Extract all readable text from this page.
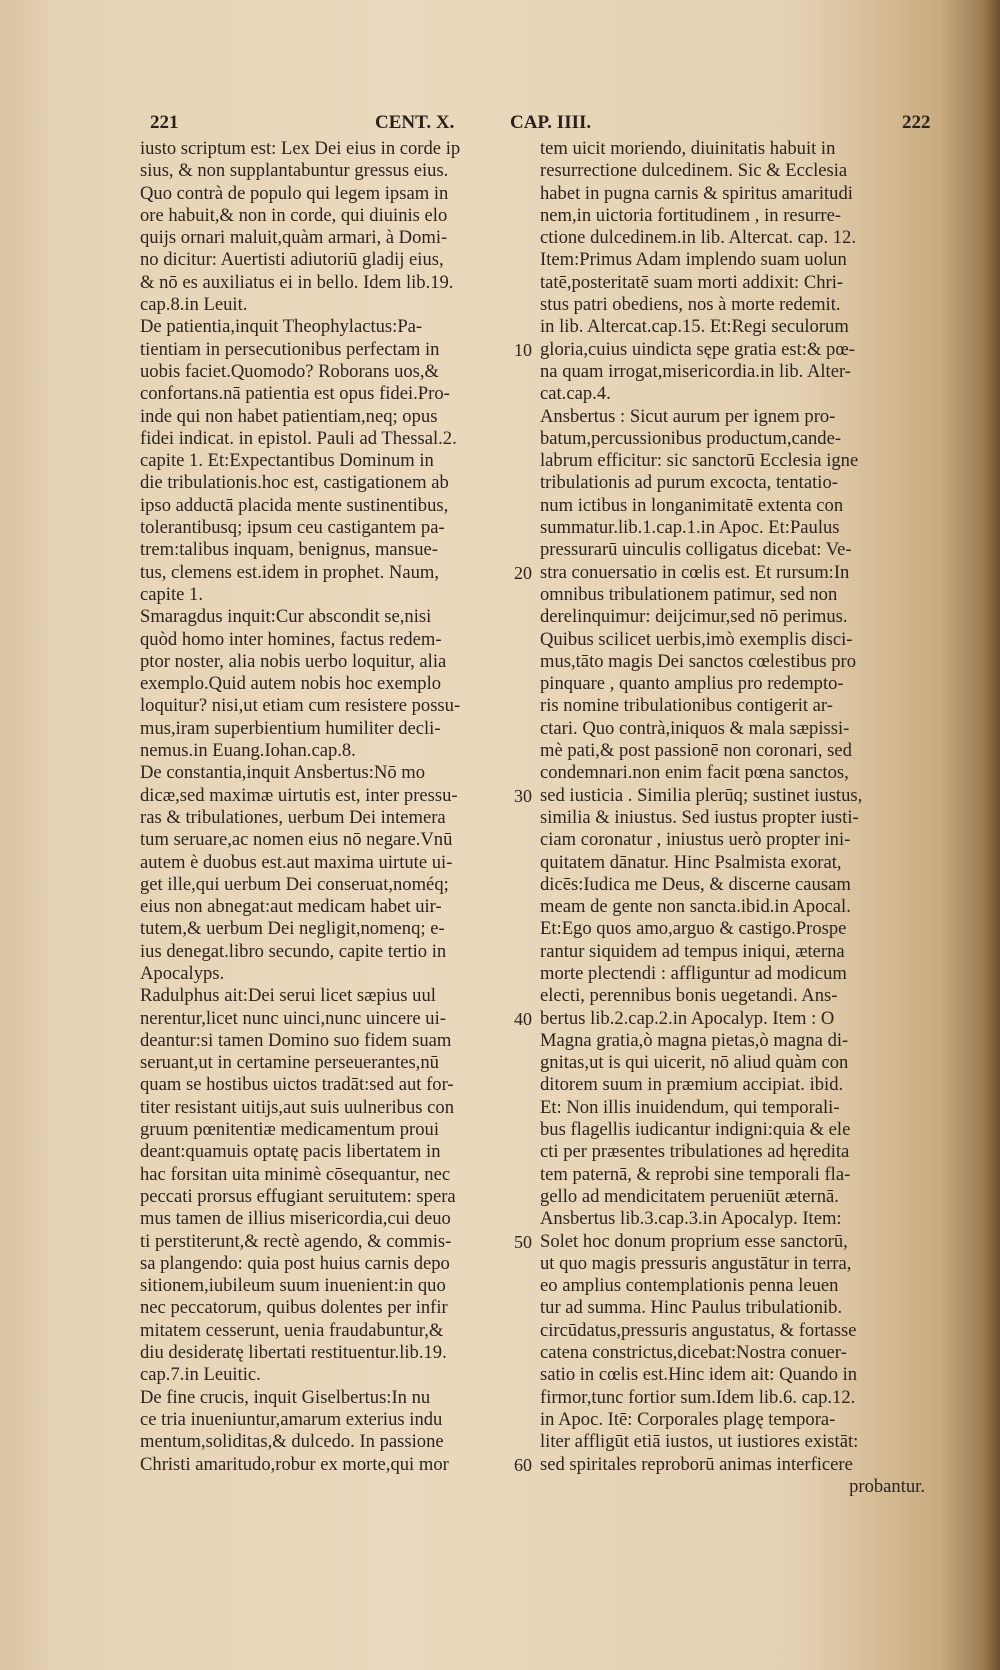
221	CENT. X.	CAP. IIII.	222
iusto scriptum est: Lex Dei eius in corde ip
sius, & non supplantabuntur gressus eius.
Quo contrà de populo qui legem ipsam in
ore habuit,& non in corde, qui diuinis elo
quijs ornari maluit,quàm armari, à Domi-
no dicitur: Auertisti adiutoriū gladij eius,
& nō es auxiliatus ei in bello. Idem lib.19.
cap.8.in Leuit.
De patientia,inquit Theophylactus:Pa-
tientiam in persecutionibus perfectam in
uobis faciet.Quomodo? Roborans uos,&
confortans.nā patientia est opus fidei.Pro-
inde qui non habet patientiam,neq; opus
fidei indicat. in epistol. Pauli ad Thessal.2.
capite 1. Et:Expectantibus Dominum in
die tribulationis.hoc est, castigationem ab
ipso adductā placida mente sustinentibus,
tolerantibusq; ipsum ceu castigantem pa-
trem:talibus inquam, benignus, mansue-
tus, clemens est.idem in prophet. Naum,
capite 1.
Smaragdus inquit:Cur abscondit se,nisi
quòd homo inter homines, factus redem-
ptor noster, alia nobis uerbo loquitur, alia
exemplo.Quid autem nobis hoc exemplo
loquitur? nisi,ut etiam cum resistere possu-
mus,iram superbientium humiliter decli-
nemus.in Euang.Iohan.cap.8.
De constantia,inquit Ansbertus:Nō mo
dicæ,sed maximæ uirtutis est, inter pressu-
ras & tribulationes, uerbum Dei intemera
tum seruare,ac nomen eius nō negare.Vnū
autem è duobus est.aut maxima uirtute ui-
get ille,qui uerbum Dei conseruat,noméq;
eius non abnegat:aut medicam habet uir-
tutem,& uerbum Dei negligit,nomenq; e-
ius denegat.libro secundo, capite tertio in
Apocalyps.
Radulphus ait:Dei serui licet sæpius uul
nerentur,licet nunc uinci,nunc uincere ui-
deantur:si tamen Domino suo fidem suam
seruant,ut in certamine perseuerantes,nū
quam se hostibus uictos tradāt:sed aut for-
titer resistant uitijs,aut suis uulneribus con
gruum pœnitentiæ medicamentum proui
deant:quamuis optatę pacis libertatem in
hac forsitan uita minimè cōsequantur, nec
peccati prorsus effugiant seruitutem: spera
mus tamen de illius misericordia,cui deuo
ti perstiterunt,& rectè agendo, & commis-
sa plangendo: quia post huius carnis depo
sitionem,iubileum suum inuenient:in quo
nec peccatorum, quibus dolentes per infir
mitatem cesserunt, uenia fraudabuntur,&
diu desideratę libertati restituentur.lib.19.
cap.7.in Leuitic.
De fine crucis, inquit Giselbertus:In nu
ce tria inueniuntur,amarum exterius indu
mentum,soliditas,& dulcedo. In passione
Christi amaritudo,robur ex morte,qui mor
10
20
30
40
50
60
tem uicit moriendo, diuinitatis habuit in
resurrectione dulcedinem. Sic & Ecclesia
habet in pugna carnis & spiritus amaritudi
nem,in uictoria fortitudinem , in resurre-
ctione dulcedinem.in lib. Altercat. cap. 12.
Item:Primus Adam implendo suam uolun
tatē,posteritatē suam morti addixit: Chri-
stus patri obediens, nos à morte redemit.
in lib. Altercat.cap.15. Et:Regi seculorum
gloria,cuius uindicta sępe gratia est:& pœ-
na quam irrogat,misericordia.in lib. Alter-
cat.cap.4.
Ansbertus : Sicut aurum per ignem pro-
batum,percussionibus productum,cande-
labrum efficitur: sic sanctorū Ecclesia igne
tribulationis ad purum excocta, tentatio-
num ictibus in longanimitatē extenta con
summatur.lib.1.cap.1.in Apoc. Et:Paulus
pressurarū uinculis colligatus dicebat: Ve-
stra conuersatio in cœlis est. Et rursum:In
omnibus tribulationem patimur, sed non
derelinquimur: deijcimur,sed nō perimus.
Quibus scilicet uerbis,imò exemplis disci-
mus,tāto magis Dei sanctos cœlestibus pro
pinquare , quanto amplius pro redempto-
ris nomine tribulationibus contigerit ar-
ctari. Quo contrà,iniquos & mala sæpissi-
mè pati,& post passionē non coronari, sed
condemnari.non enim facit pœna sanctos,
sed iusticia . Similia plerūq; sustinet iustus,
similia & iniustus. Sed iustus propter iusti-
ciam coronatur , iniustus uerò propter ini-
quitatem dānatur. Hinc Psalmista exorat,
dicēs:Iudica me Deus, & discerne causam
meam de gente non sancta.ibid.in Apocal.
Et:Ego quos amo,arguo & castigo.Prospe
rantur siquidem ad tempus iniqui, æterna
morte plectendi : affliguntur ad modicum
electi, perennibus bonis uegetandi. Ans-
bertus lib.2.cap.2.in Apocalyp. Item : O
Magna gratia,ò magna pietas,ò magna di-
gnitas,ut is qui uicerit, nō aliud quàm con
ditorem suum in præmium accipiat. ibid.
Et: Non illis inuidendum, qui temporali-
bus flagellis iudicantur indigni:quia & ele
cti per præsentes tribulationes ad hęredita
tem paternā, & reprobi sine temporali fla-
gello ad mendicitatem perueniūt æternā.
Ansbertus lib.3.cap.3.in Apocalyp. Item:
Solet hoc donum proprium esse sanctorū,
ut quo magis pressuris angustātur in terra,
eo amplius contemplationis penna leuen
tur ad summa. Hinc Paulus tribulationib.
circūdatus,pressuris angustatus, & fortasse
catena constrictus,dicebat:Nostra conuer-
satio in cœlis est.Hinc idem ait: Quando in
firmor,tunc fortior sum.Idem lib.6. cap.12.
in Apoc. Itē: Corporales plagę tempora-
liter affligūt etiā iustos, ut iustiores existāt:
sed spiritales reproborū animas interficere
probantur.
